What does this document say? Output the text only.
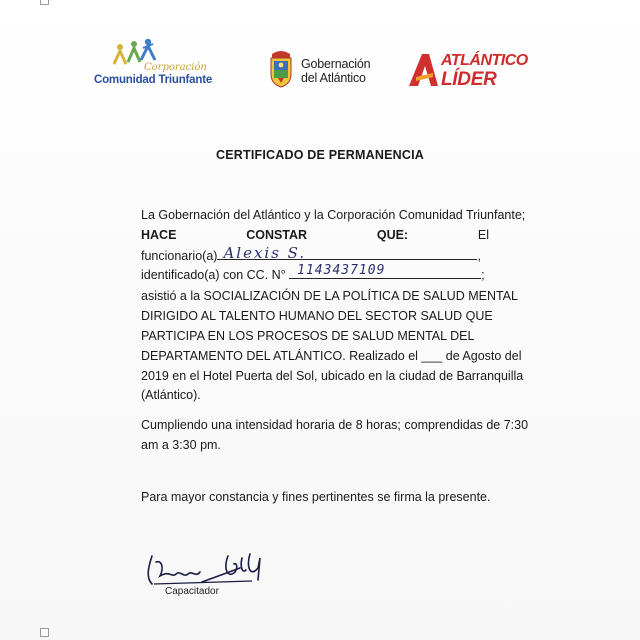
Corporación
Comunidad Triunfante
Gobernación
del Atlántico
ATLÁNTICO
LÍDER
CERTIFICADO DE PERMANENCIA
La Gobernación del Atlántico y la Corporación Comunidad Triunfante;
HACE	CONSTAR	QUE:	El
funcionario(a) Alexis S.	,
identificado(a) con CC. N° 1143437109	;
asistió a la SOCIALIZACIÓN DE LA POLÍTICA DE SALUD MENTAL
DIRIGIDO AL TALENTO HUMANO DEL SECTOR SALUD QUE
PARTICIPA EN LOS PROCESOS DE SALUD MENTAL DEL
DEPARTAMENTO DEL ATLÁNTICO. Realizado el ___ de Agosto del
2019 en el Hotel Puerta del Sol, ubicado en la ciudad de Barranquilla
(Atlántico).
Cumpliendo una intensidad horaria de 8 horas; comprendidas de 7:30
am a 3:30 pm.
Para mayor constancia y fines pertinentes se firma la presente.
Capacitador
